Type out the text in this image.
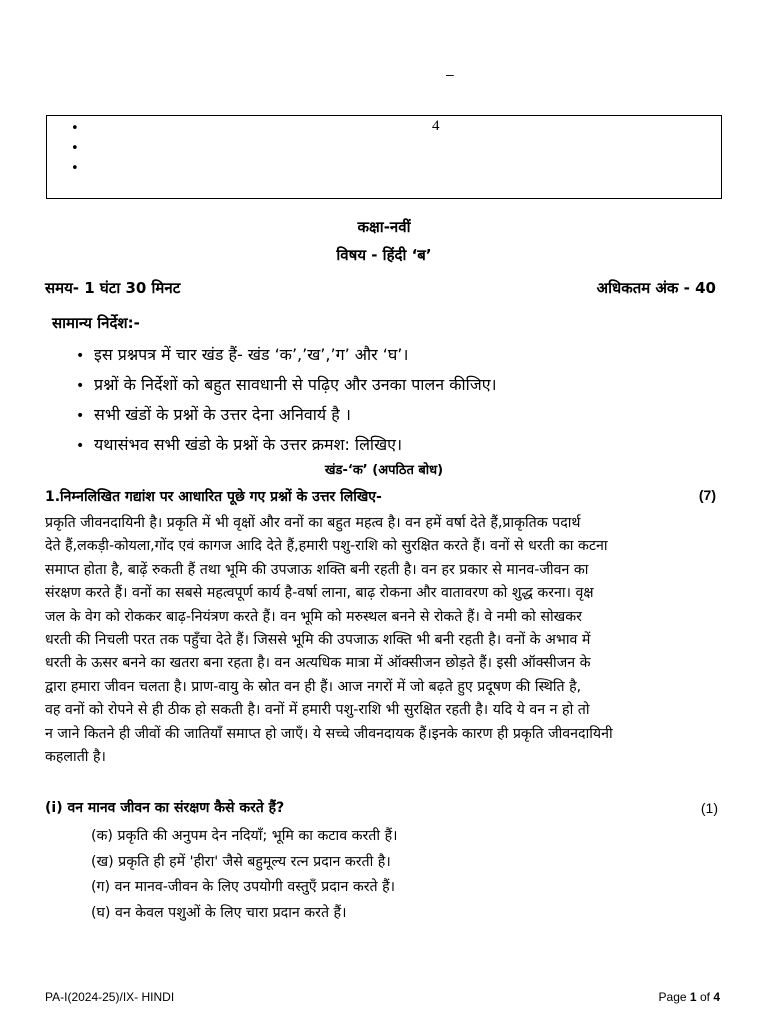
–
4
•
•
•
कक्षा-नवीं
विषय - हिंदी ‘ब’
समय- 1 घंटा 30 मिनट	अधिकतम अंक - 40
सामान्य निर्देश:-
• इस प्रश्नपत्र में चार खंड हैं- खंड ‘क’,’ख’,’ग’ और ‘घ’।
• प्रश्नों के निर्देशों को बहुत सावधानी से पढ़िए और उनका पालन कीजिए।
• सभी खंडों के प्रश्नों के उत्तर देना अनिवार्य है ।
• यथासंभव सभी खंडो के प्रश्नों के उत्तर क्रमश: लिखिए।
खंड-‘क’ (अपठित बोध)
1.निम्नलिखित गद्यांश पर आधारित पूछे गए प्रश्नों के उत्तर लिखिए-	(7)

प्रकृति जीवनदायिनी है। प्रकृति में भी वृक्षों और वनों का बहुत महत्व है। वन हमें वर्षा देते हैं,प्राकृतिक पदार्थ
देते हैं,लकड़ी-कोयला,गोंद एवं कागज आदि देते हैं,हमारी पशु-राशि को सुरक्षित करते हैं। वनों से धरती का कटना
समाप्त होता है, बाढ़ें रुकती हैं तथा भूमि की उपजाऊ शक्ति बनी रहती है। वन हर प्रकार से मानव-जीवन का
संरक्षण करते हैं। वनों का सबसे महत्वपूर्ण कार्य है-वर्षा लाना, बाढ़ रोकना और वातावरण को शुद्ध करना। वृक्ष
जल के वेग को रोककर बाढ़-नियंत्रण करते हैं। वन भूमि को मरुस्थल बनने से रोकते हैं। वे नमी को सोखकर
धरती की निचली परत तक पहुँचा देते हैं। जिससे भूमि की उपजाऊ शक्ति भी बनी रहती है। वनों के अभाव में
धरती के ऊसर बनने का खतरा बना रहता है। वन अत्यधिक मात्रा में ऑक्सीजन छोड़ते हैं। इसी ऑक्सीजन के
द्वारा हमारा जीवन चलता है। प्राण-वायु के स्रोत वन ही हैं। आज नगरों में जो बढ़ते हुए प्रदूषण की स्थिति है,
वह वनों को रोपने से ही ठीक हो सकती है। वनों में हमारी पशु-राशि भी सुरक्षित रहती है। यदि ये वन न हो तो
न जाने कितने ही जीवों की जातियाँ समाप्त हो जाएँ। ये सच्चे जीवनदायक हैं।इनके कारण ही प्रकृति जीवनदायिनी
कहलाती है।

(i) वन मानव जीवन का संरक्षण कैसे करते हैं?	(1)
(क) प्रकृति की अनुपम देन नदियाँ; भूमि का कटाव करती हैं।
(ख) प्रकृति ही हमें 'हीरा' जैसे बहुमूल्य रत्न प्रदान करती है।
(ग) वन मानव-जीवन के लिए उपयोगी वस्तुएँ प्रदान करते हैं।
(घ) वन केवल पशुओं के लिए चारा प्रदान करते हैं।
PA-I(2024-25)/IX- HINDI	Page 1 of 4
